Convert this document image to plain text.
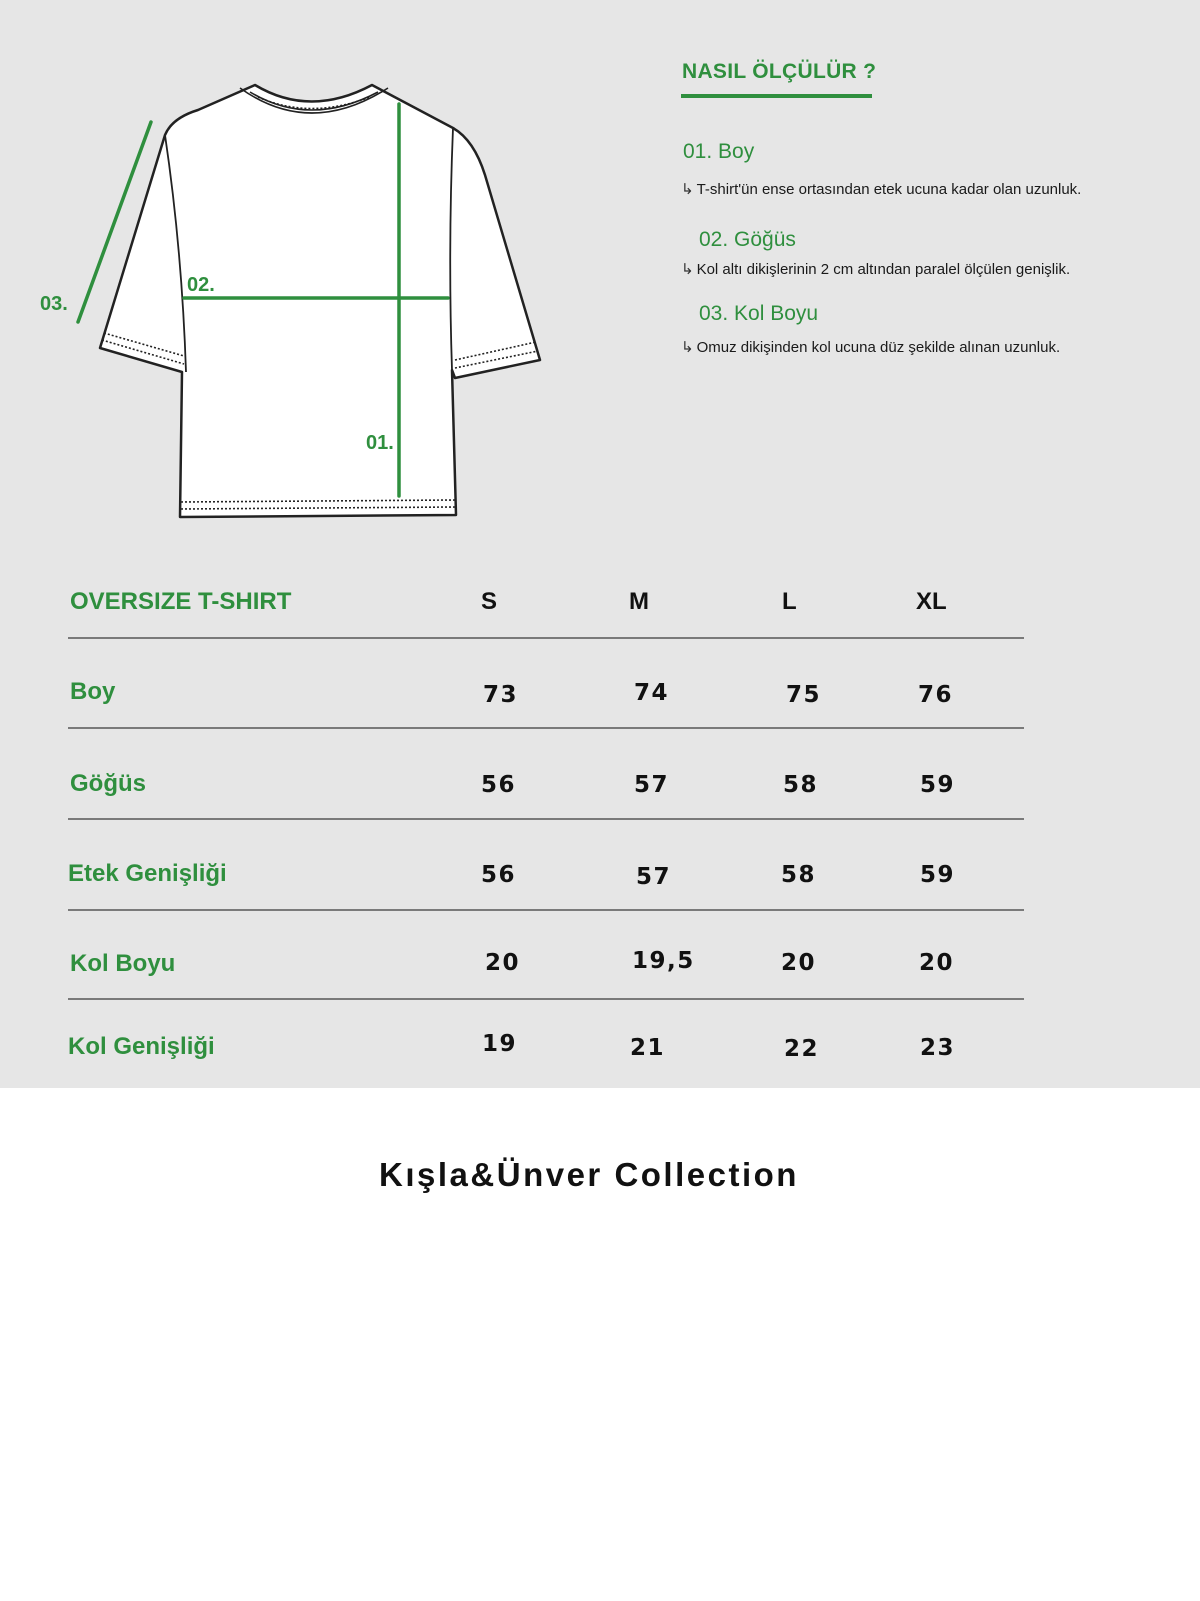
01.
02.
03.
NASIL ÖLÇÜLÜR ?
01. Boy
↳ T-shirt'ün ense ortasından etek ucuna kadar olan uzunluk.
02. Göğüs
↳ Kol altı dikişlerinin 2 cm altından paralel ölçülen genişlik.
03. Kol Boyu
↳ Omuz dikişinden kol ucuna düz şekilde alınan uzunluk.
OVERSIZE T-SHIRT	S	M	L	XL
Boy	73	74	75	76
Göğüs	56	57	58	59
Etek Genişliği	56	57	58	59
Kol Boyu	20	19,5	20	20
Kol Genişliği	19	21	22	23
Kışla&Ünver Collection
